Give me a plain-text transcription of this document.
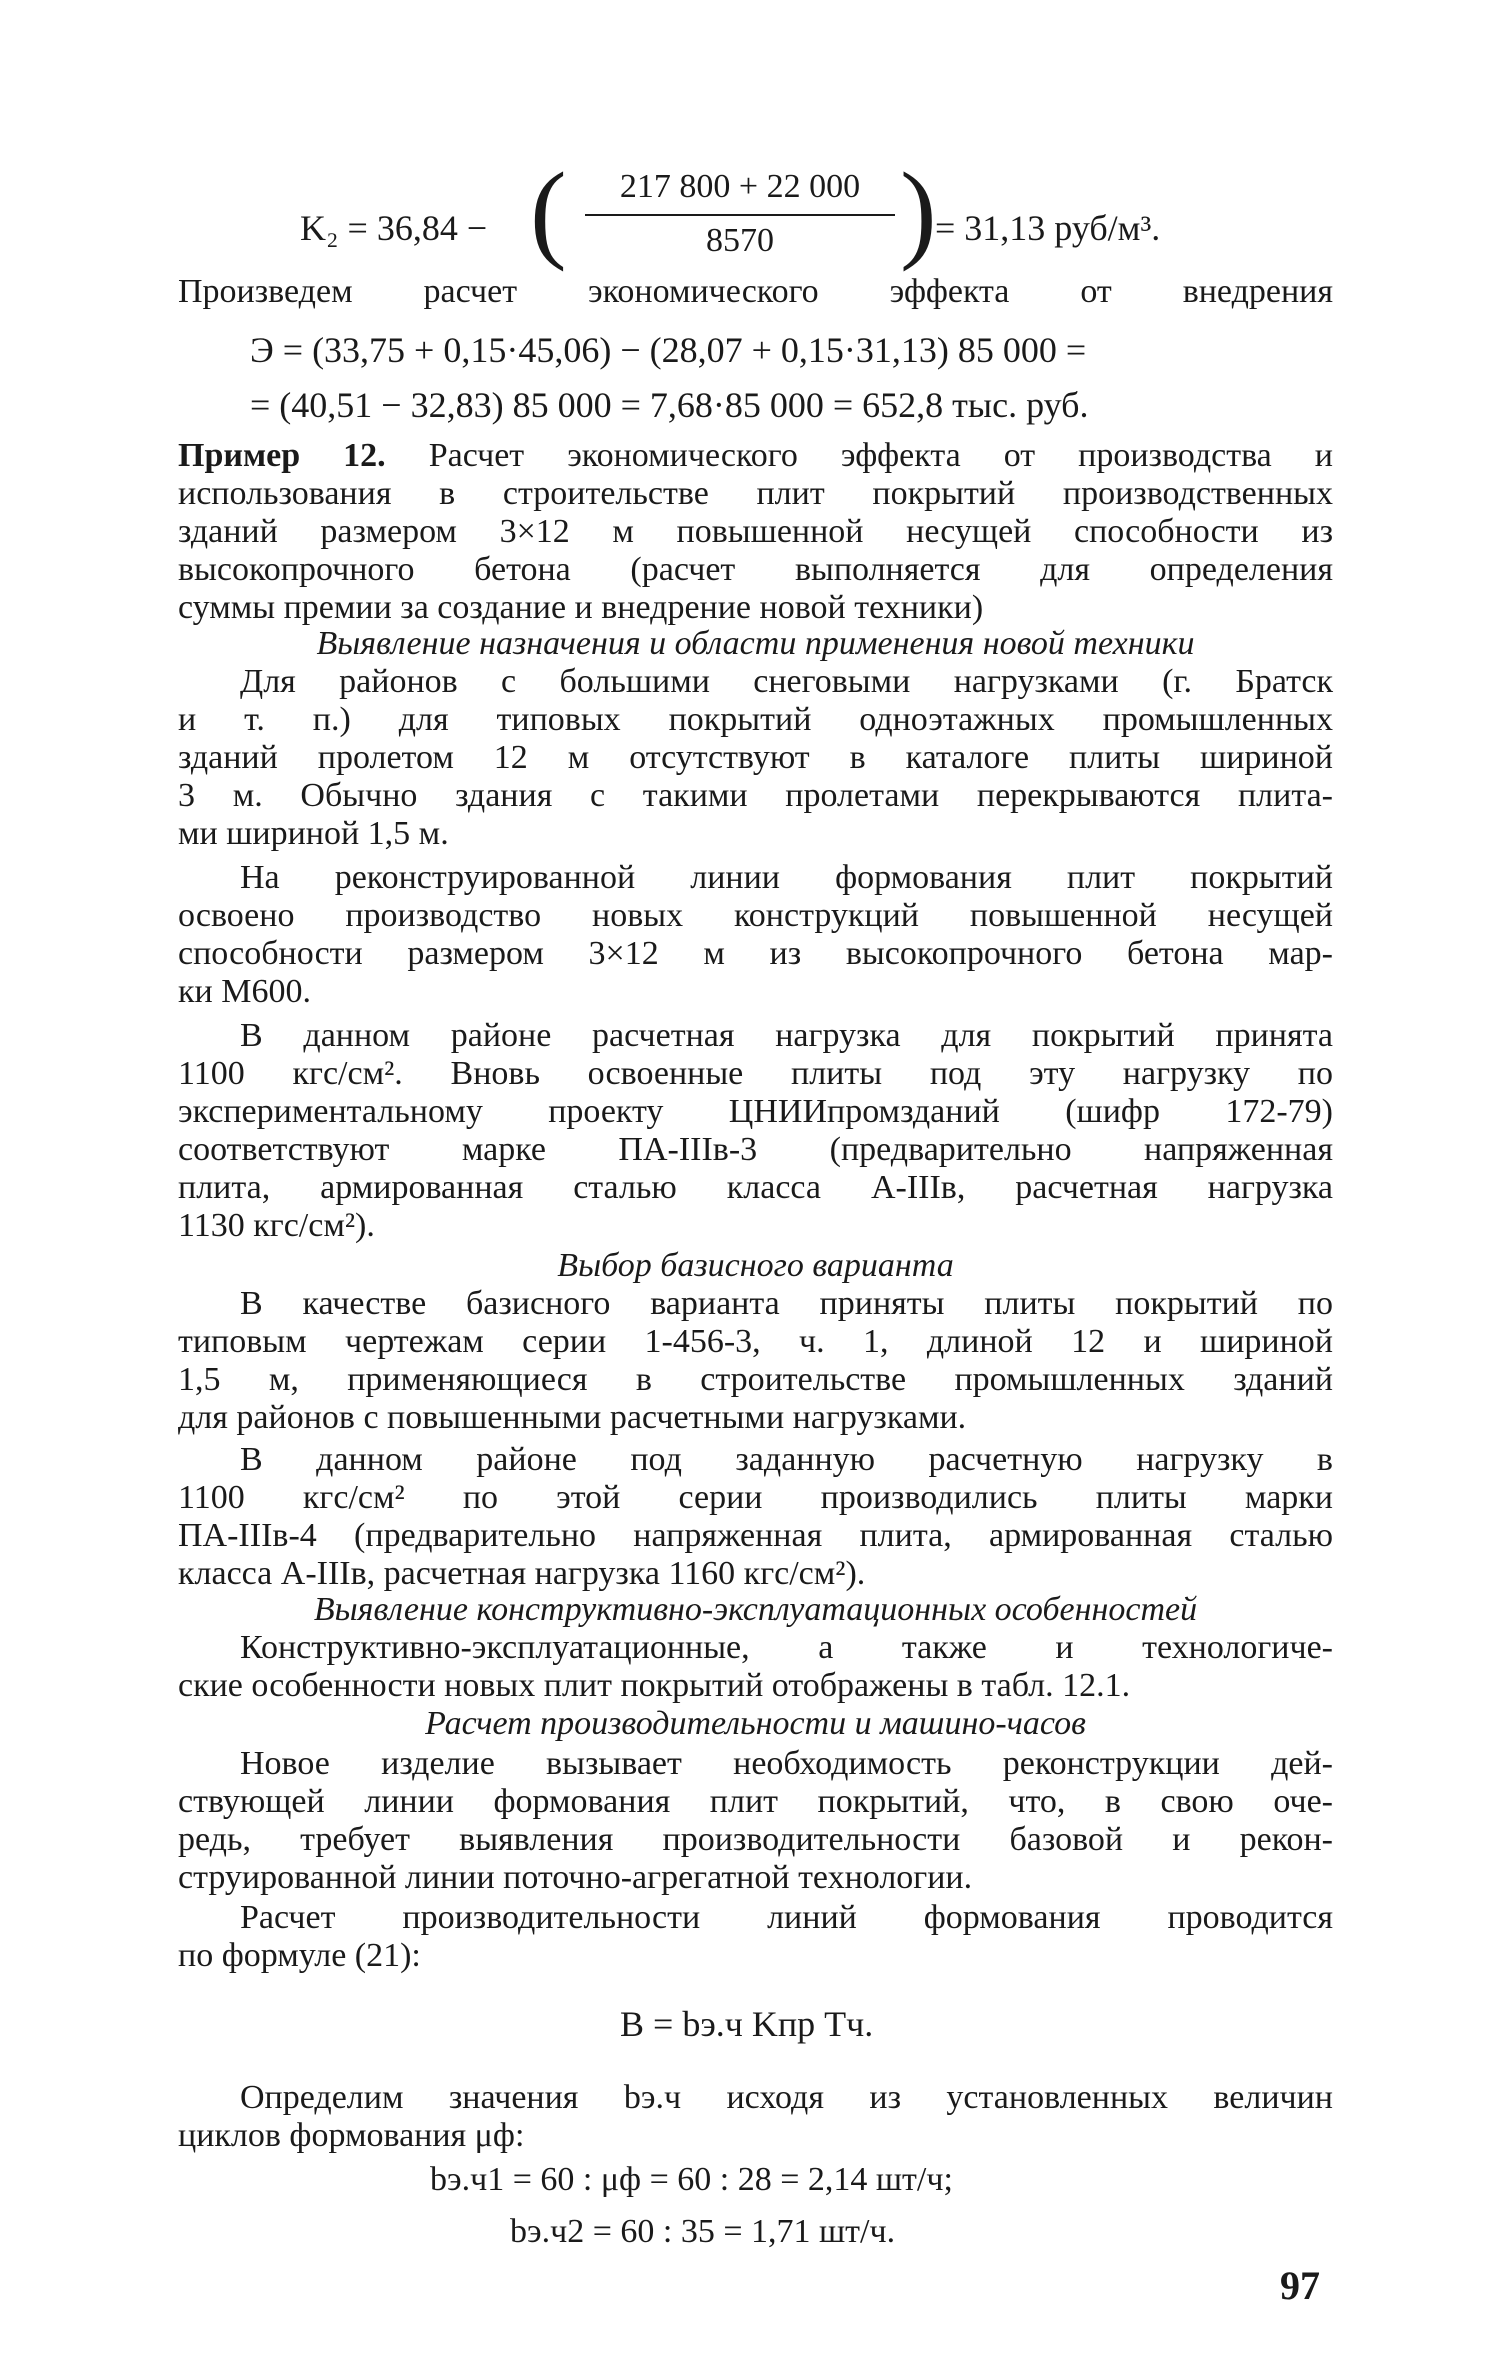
K₂ = 36,84 − (	217 800 + 22 000
8570	)
= 31,13 руб/м³.
Произведем расчет экономического эффекта от внедрения
Э = (33,75 + 0,15·45,06) − (28,07 + 0,15·31,13) 85 000 =
= (40,51 − 32,83) 85 000 = 7,68·85 000 = 652,8 тыс. руб.
Пример 12. Расчет экономического эффекта от производства и
использования в строительстве плит покрытий производственных
зданий размером 3×12 м повышенной несущей способности из
высокопрочного бетона (расчет выполняется для определения
суммы премии за создание и внедрение новой техники)
Выявление назначения и области применения новой техники
Для районов с большими снеговыми нагрузками (г. Братск
и т. п.) для типовых покрытий одноэтажных промышленных
зданий пролетом 12 м отсутствуют в каталоге плиты шириной
3 м. Обычно здания с такими пролетами перекрываются плита-
ми шириной 1,5 м.
На реконструированной линии формования плит покрытий
освоено производство новых конструкций повышенной несущей
способности размером 3×12 м из высокопрочного бетона мар-
ки М600.
В данном районе расчетная нагрузка для покрытий принята
1100 кгс/см². Вновь освоенные плиты под эту нагрузку по
экспериментальному проекту ЦНИИпромзданий (шифр 172-79)
соответствуют марке ПА-IIIв-3 (предварительно напряженная
плита, армированная сталью класса А-IIIв, расчетная нагрузка
1130 кгс/см²).
Выбор базисного варианта
В качестве базисного варианта приняты плиты покрытий по
типовым чертежам серии 1-456-3, ч. 1, длиной 12 и шириной
1,5 м, применяющиеся в строительстве промышленных зданий
для районов с повышенными расчетными нагрузками.
В данном районе под заданную расчетную нагрузку в
1100 кгс/см² по этой серии производились плиты марки
ПА-IIIв-4 (предварительно напряженная плита, армированная сталью
класса А-IIIв, расчетная нагрузка 1160 кгс/см²).
Выявление конструктивно-эксплуатационных особенностей
Конструктивно-эксплуатационные, а также и технологиче-
ские особенности новых плит покрытий отображены в табл. 12.1.
Расчет производительности и машино-часов
Новое изделие вызывает необходимость реконструкции дей-
ствующей линии формования плит покрытий, что, в свою оче-
редь, требует выявления производительности базовой и рекон-
струированной линии поточно-агрегатной технологии.
Расчет производительности линий формования проводится
по формуле (21):
B = bэ.ч Kпр Tч.
Определим значения bэ.ч исходя из установленных величин
циклов формования μф:
bэ.ч1 = 60 : μф = 60 : 28 = 2,14 шт/ч;
bэ.ч2 = 60 : 35 = 1,71 шт/ч.
97
